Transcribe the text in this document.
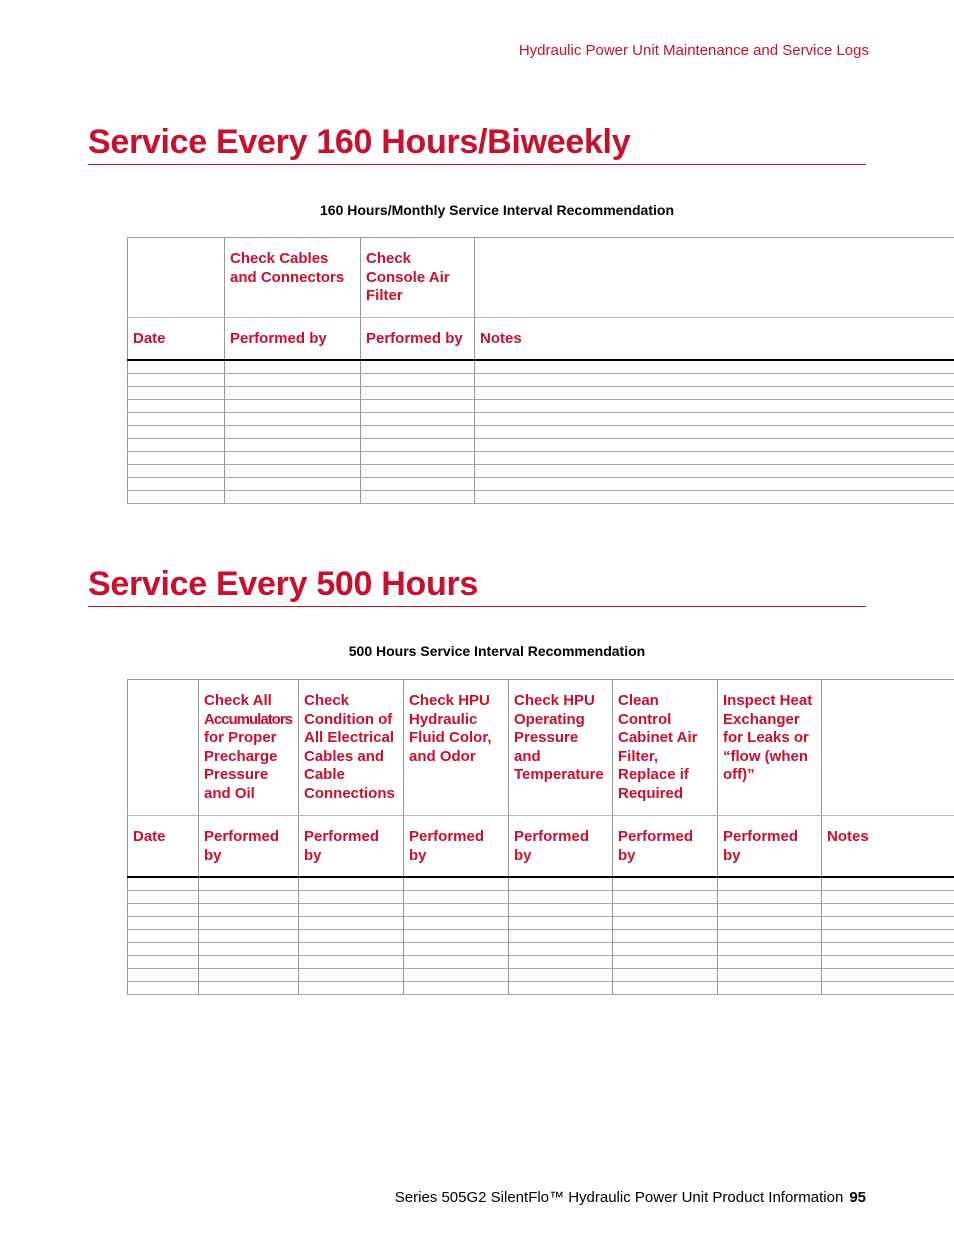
Hydraulic Power Unit Maintenance and Service Logs
Service Every 160 Hours/Biweekly
160 Hours/Monthly Service Interval Recommendation
	Check Cables and Connectors	Check Console Air Filter	
Date	Performed by	Performed by	Notes

Service Every 500 Hours
500 Hours Service Interval Recommendation
	Check All Accumulators for Proper Precharge Pressure and Oil	Check Condition of All Electrical Cables and Cable Connections	Check HPU Hydraulic Fluid Color, and Odor	Check HPU Operating Pressure and Temperature	Clean Control Cabinet Air Filter, Replace if Required	Inspect Heat Exchanger for Leaks or “flow (when off)”	
Date	Performed by	Performed by	Performed by	Performed by	Performed by	Performed by	Notes

Series 505G2 SilentFlo™ Hydraulic Power Unit Product Information 95
